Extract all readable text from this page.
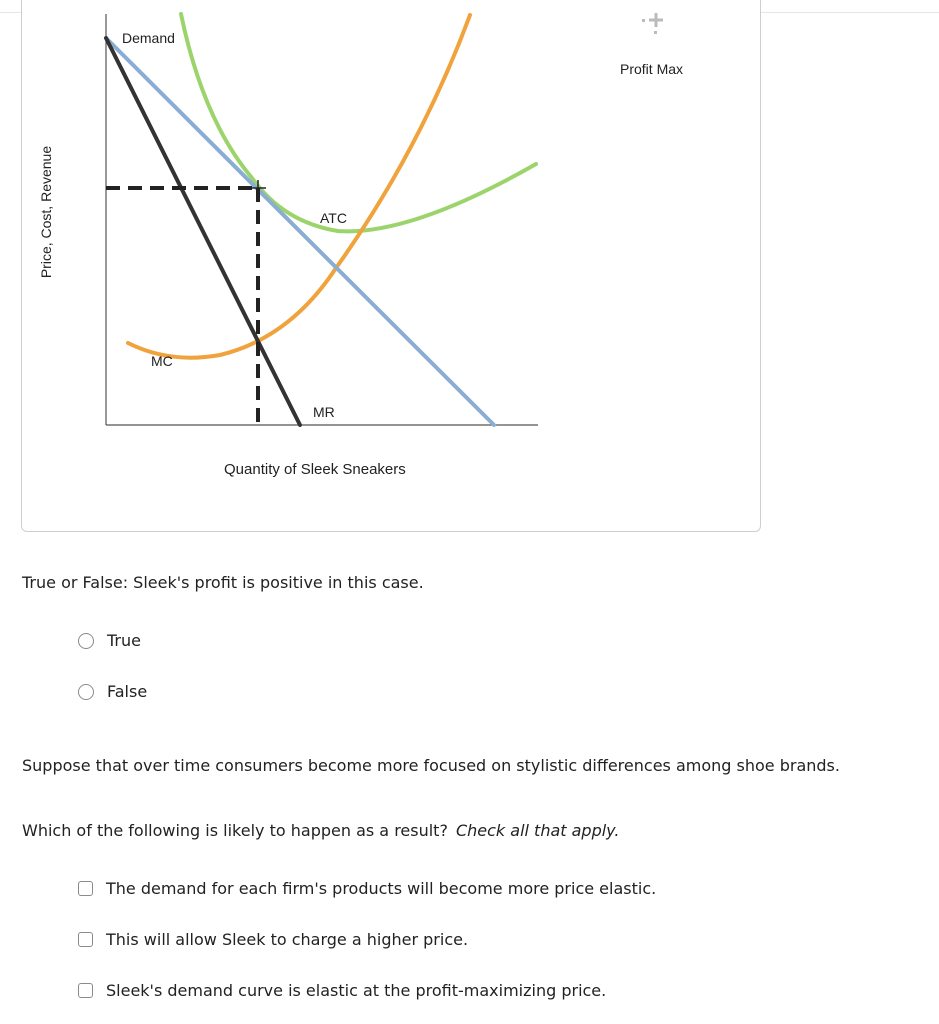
Price, Cost, Revenue
Quantity of Sleek Sneakers
Demand
ATC
MC
MR
Profit Max
True or False: Sleek's profit is positive in this case.
True
False
Suppose that over time consumers become more focused on stylistic differences among shoe brands.
Which of the following is likely to happen as a result? Check all that apply.
The demand for each firm's products will become more price elastic.
This will allow Sleek to charge a higher price.
Sleek's demand curve is elastic at the profit-maximizing price.
